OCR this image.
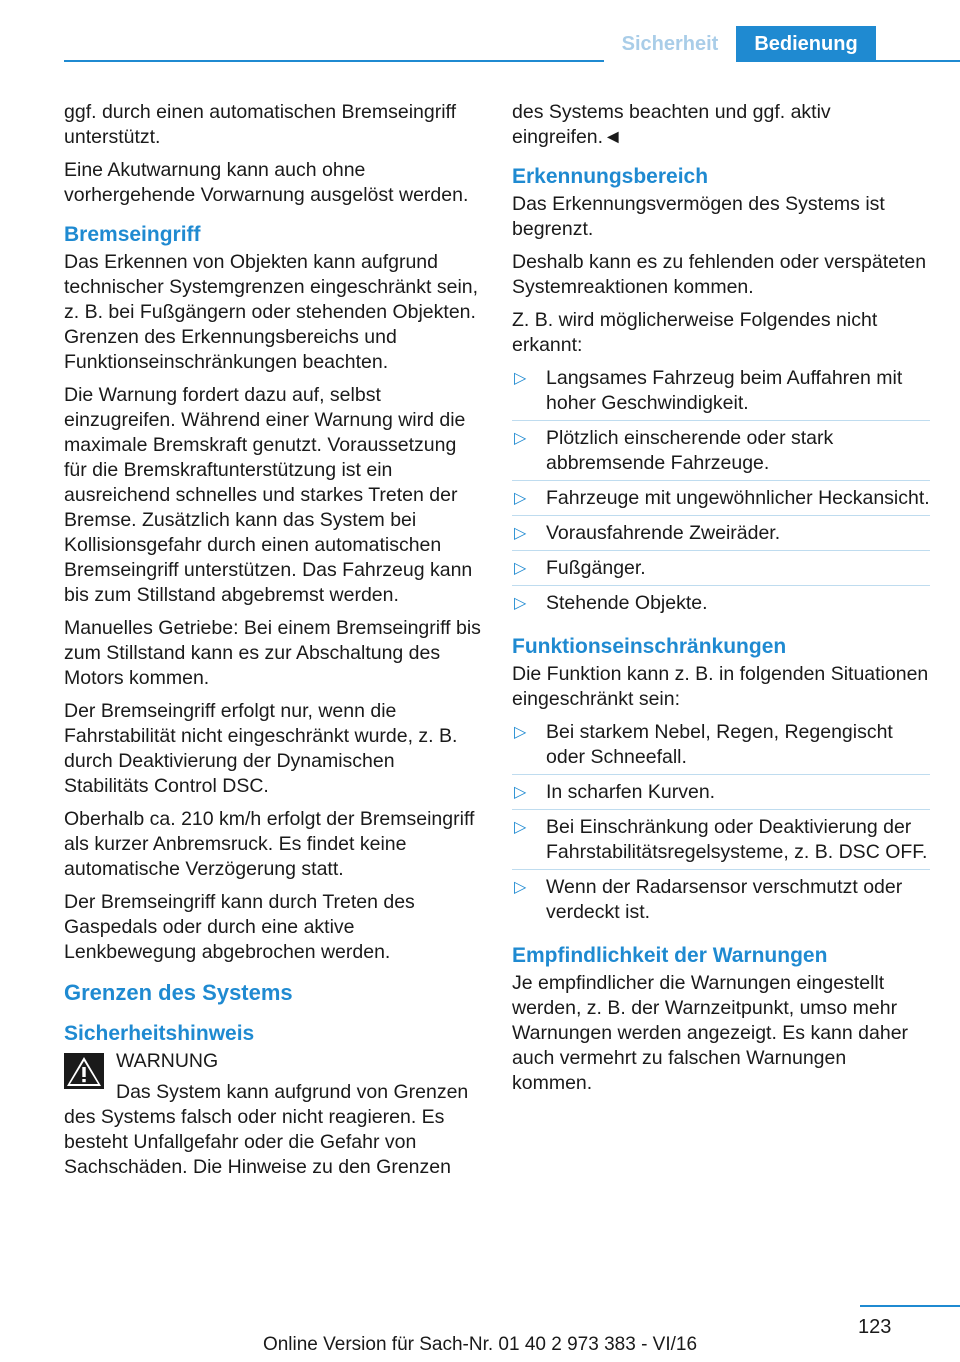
Sicherheit	Bedienung

ggf. durch einen automatischen Bremseingriff unterstützt.

Eine Akutwarnung kann auch ohne vorhergehende Vorwarnung ausgelöst werden.

Bremseingriff

Das Erkennen von Objekten kann aufgrund technischer Systemgrenzen eingeschränkt sein, z. B. bei Fußgängern oder stehenden Objekten. Grenzen des Erkennungsbereichs und Funktionseinschränkungen beachten.

Die Warnung fordert dazu auf, selbst einzugreifen. Während einer Warnung wird die maximale Bremskraft genutzt. Voraussetzung für die Bremskraftunterstützung ist ein ausreichend schnelles und starkes Treten der Bremse. Zusätzlich kann das System bei Kollisionsgefahr durch einen automatischen Bremseingriff unterstützen. Das Fahrzeug kann bis zum Stillstand abgebremst werden.

Manuelles Getriebe: Bei einem Bremseingriff bis zum Stillstand kann es zur Abschaltung des Motors kommen.

Der Bremseingriff erfolgt nur, wenn die Fahrstabilität nicht eingeschränkt wurde, z. B. durch Deaktivierung der Dynamischen Stabilitäts Control DSC.

Oberhalb ca. 210 km/h erfolgt der Bremseingriff als kurzer Anbremsruck. Es findet keine automatische Verzögerung statt.

Der Bremseingriff kann durch Treten des Gaspedals oder durch eine aktive Lenkbewegung abgebrochen werden.

Grenzen des Systems
Sicherheitshinweis

WARNUNG

Das System kann aufgrund von Grenzen des Systems falsch oder nicht reagieren. Es besteht Unfallgefahr oder die Gefahr von Sachschäden. Die Hinweise zu den Grenzen

des Systems beachten und ggf. aktiv eingreifen.◄

Erkennungsbereich

Das Erkennungsvermögen des Systems ist begrenzt.

Deshalb kann es zu fehlenden oder verspäteten Systemreaktionen kommen.

Z. B. wird möglicherweise Folgendes nicht erkannt:

▷ Langsames Fahrzeug beim Auffahren mit hoher Geschwindigkeit.
▷ Plötzlich einscherende oder stark abbremsende Fahrzeuge.
▷ Fahrzeuge mit ungewöhnlicher Heckansicht.
▷ Vorausfahrende Zweiräder.
▷ Fußgänger.
▷ Stehende Objekte.
Funktionseinschränkungen

Die Funktion kann z. B. in folgenden Situationen eingeschränkt sein:

▷ Bei starkem Nebel, Regen, Regengischt oder Schneefall.
▷ In scharfen Kurven.
▷ Bei Einschränkung oder Deaktivierung der Fahrstabilitätsregelsysteme, z. B. DSC OFF.
▷ Wenn der Radarsensor verschmutzt oder verdeckt ist.
Empfindlichkeit der Warnungen

Je empfindlicher die Warnungen eingestellt werden, z. B. der Warnzeitpunkt, umso mehr Warnungen werden angezeigt. Es kann daher auch vermehrt zu falschen Warnungen kommen.

123
Online Version für Sach-Nr. 01 40 2 973 383 - VI/16
